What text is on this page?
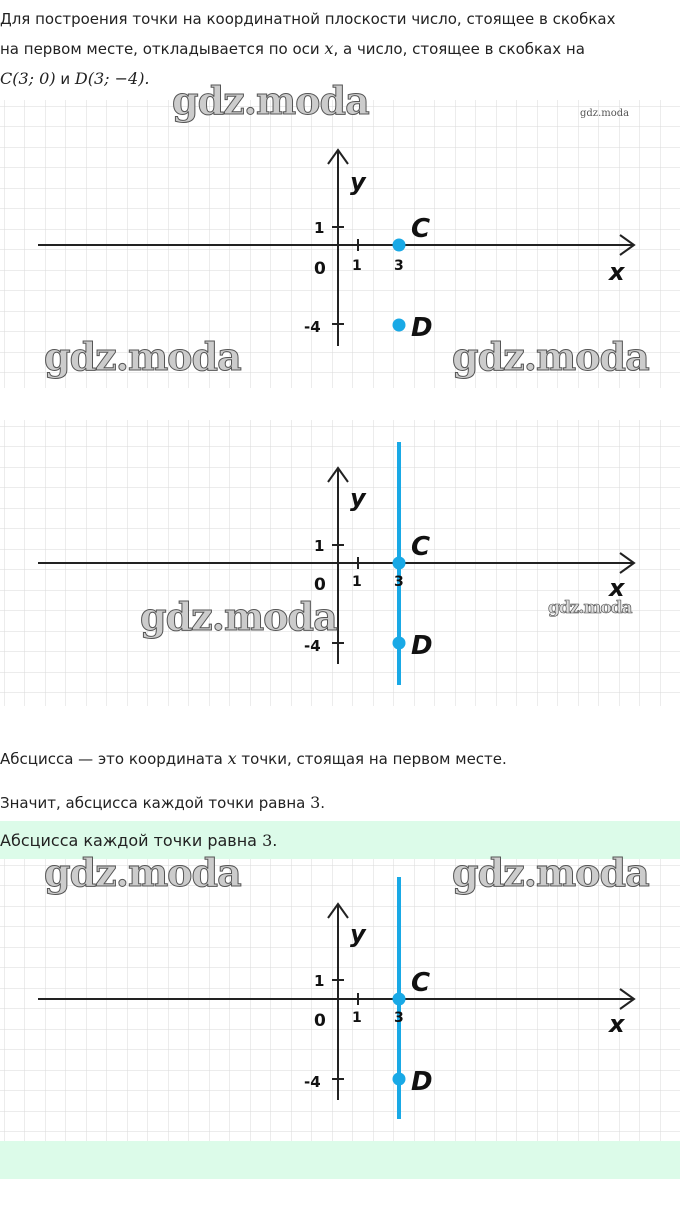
Для построения точки на координатной плоскости число, стоящее в скобках
на первом месте, откладывается по оси x, а число, стоящее в скобках на
C(3; 0) и D(3; −4).
y
x
0 1 3
1
-4
C
D
y
x
0 1 3
1
-4
C
D
Абсцисса — это координата x точки, стоящая на первом месте.
Значит, абсцисса каждой точки равна 3.
Абсцисса каждой точки равна 3.
y
x
0 1 3
1
-4
C
D
gdz.moda	gdz.moda
gdz.moda	gdz.moda
gdz.moda	gdz.moda
gdz.moda	gdz.moda
